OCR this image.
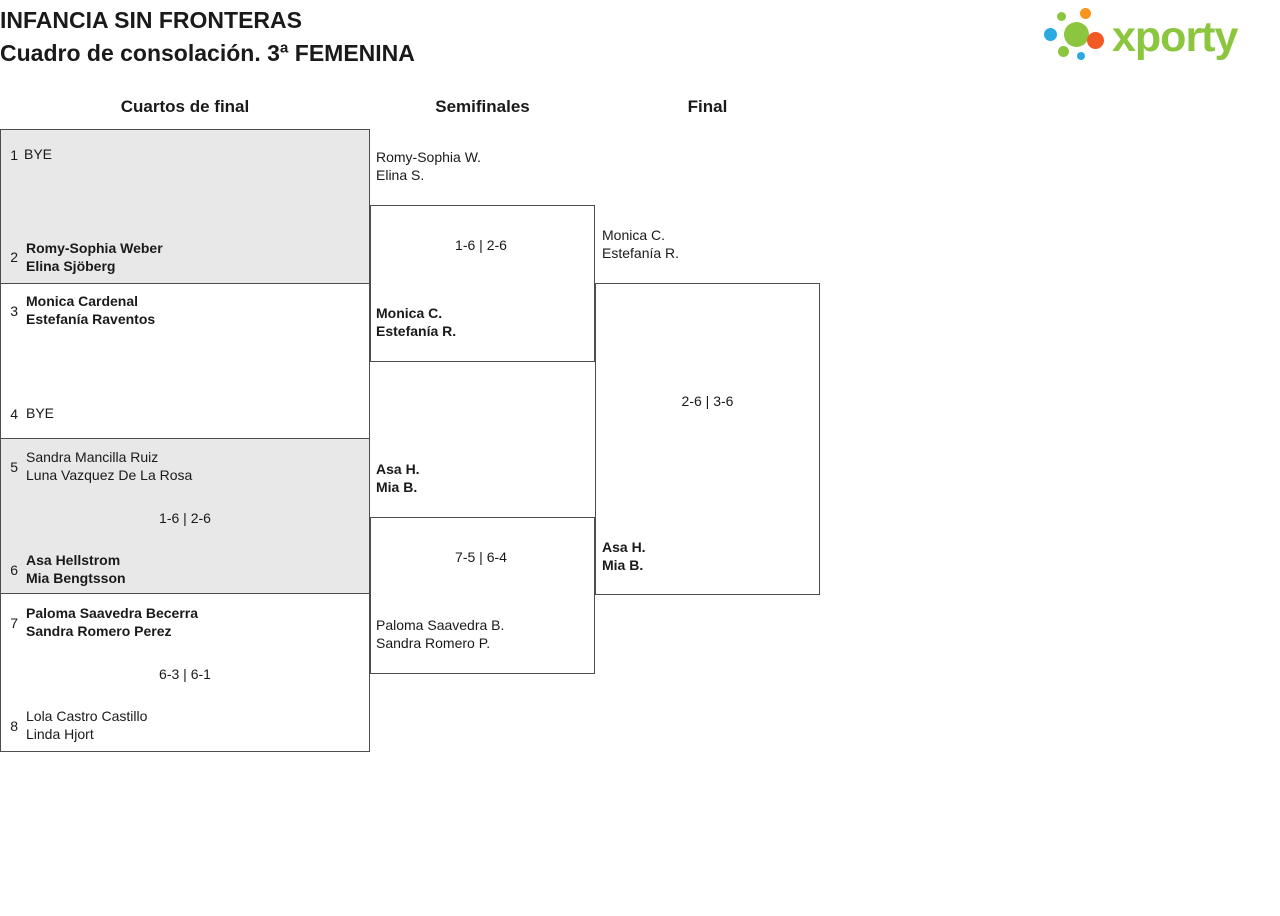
INFANCIA SIN FRONTERAS
Cuadro de consolación. 3ª FEMENINA	xporty
Cuartos de final	Semifinales	Final
1 BYE
2
Romy-Sophia Weber
Elina Sjöberg
3
Monica Cardenal
Estefanía Raventos
4 BYE
5
Sandra Mancilla Ruiz
Luna Vazquez De La Rosa
1-6 | 2-6
6
Asa Hellstrom
Mia Bengtsson
7
Paloma Saavedra Becerra
Sandra Romero Perez
6-3 | 6-1
8
Lola Castro Castillo
Linda Hjort
Romy-Sophia W.
Elina S.
1-6 | 2-6
Monica C.
Estefanía R.
Asa H.
Mia B.
7-5 | 6-4
Paloma Saavedra B.
Sandra Romero P.
Monica C.
Estefanía R.
2-6 | 3-6
Asa H.
Mia B.
